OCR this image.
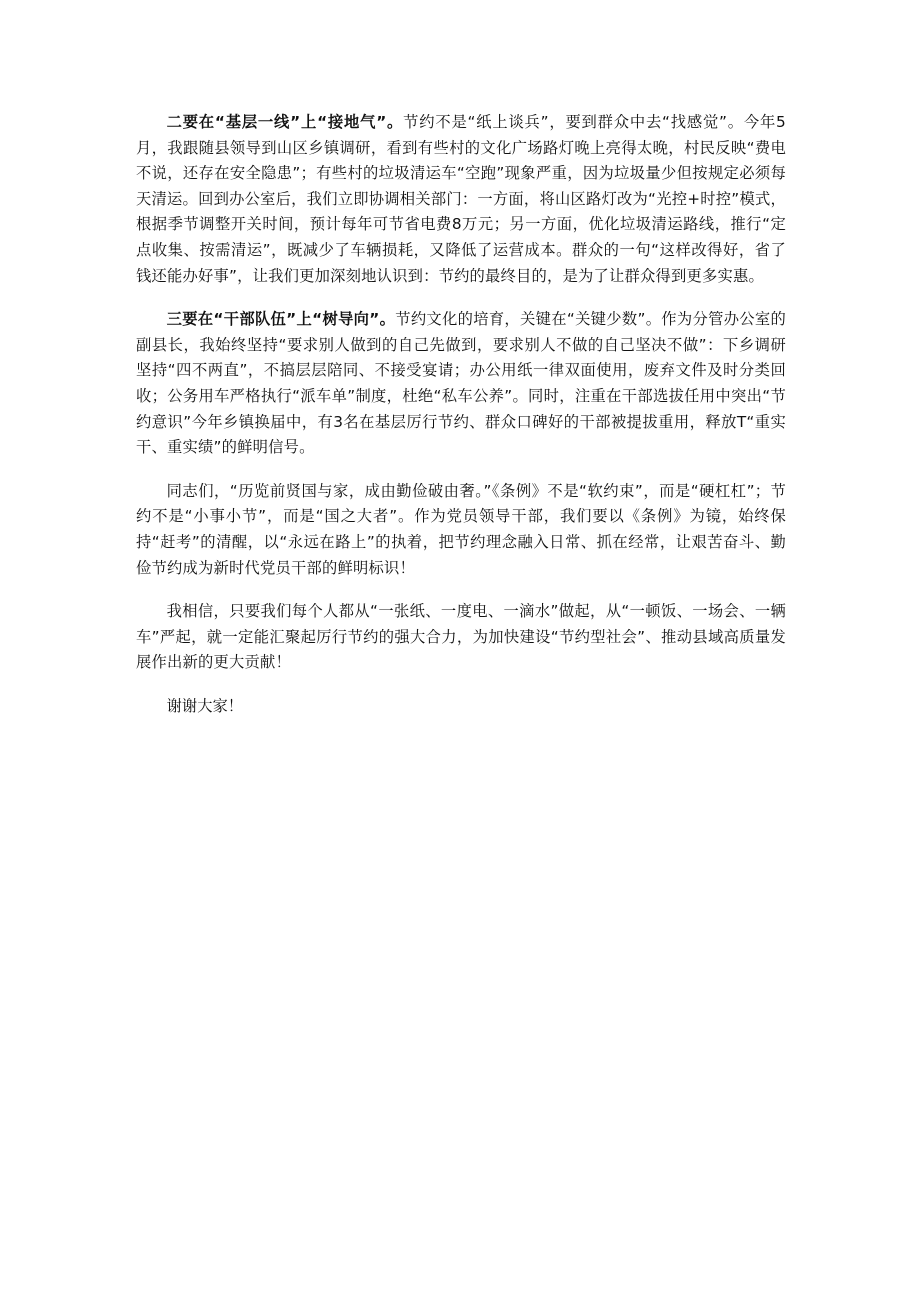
二要在“基层一线”上“接地气”。节约不是“纸上谈兵”，要到群众中去“找感觉”。今年5月，我跟随县领导到山区乡镇调研，看到有些村的文化广场路灯晚上亮得太晚，村民反映“费电不说，还存在安全隐患”；有些村的垃圾清运车“空跑”现象严重，因为垃圾量少但按规定必须每天清运。回到办公室后，我们立即协调相关部门：一方面，将山区路灯改为“光控+时控”模式，根据季节调整开关时间，预计每年可节省电费8万元；另一方面，优化垃圾清运路线，推行“定点收集、按需清运”，既减少了车辆损耗，又降低了运营成本。群众的一句“这样改得好，省了钱还能办好事”，让我们更加深刻地认识到：节约的最终目的，是为了让群众得到更多实惠。

三要在“干部队伍”上“树导向”。节约文化的培育，关键在“关键少数”。作为分管办公室的副县长，我始终坚持“要求别人做到的自己先做到，要求别人不做的自己坚决不做”：下乡调研坚持“四不两直”，不搞层层陪同、不接受宴请；办公用纸一律双面使用，废弃文件及时分类回收；公务用车严格执行“派车单”制度，杜绝“私车公养”。同时，注重在干部选拔任用中突出“节约意识”今年乡镇换届中，有3名在基层厉行节约、群众口碑好的干部被提拔重用，释放T“重实干、重实绩”的鲜明信号。

同志们，“历览前贤国与家，成由勤俭破由奢。”《条例》不是“软约束”，而是“硬杠杠”；节约不是“小事小节”，而是“国之大者”。作为党员领导干部，我们要以《条例》为镜，始终保持“赶考”的清醒，以“永远在路上”的执着，把节约理念融入日常、抓在经常，让艰苦奋斗、勤俭节约成为新时代党员干部的鲜明标识！

我相信，只要我们每个人都从“一张纸、一度电、一滴水”做起，从“一顿饭、一场会、一辆车”严起，就一定能汇聚起厉行节约的强大合力，为加快建设“节约型社会”、推动县域高质量发展作出新的更大贡献！

谢谢大家！
